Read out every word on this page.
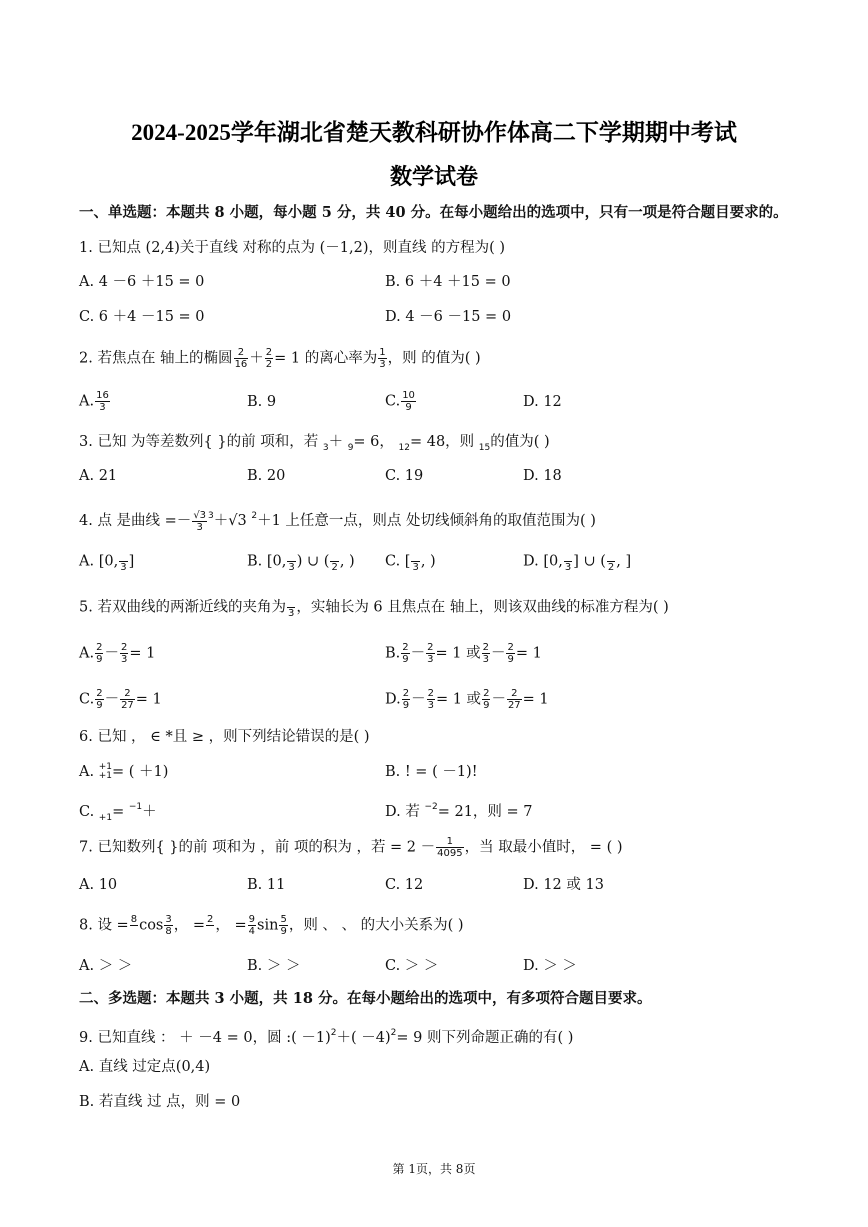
2024-2025学年湖北省楚天教科研协作体高二下学期期中考试
数学试卷
一、单选题：本题共 8 小题，每小题 5 分，共 40 分。在每小题给出的选项中，只有一项是符合题目要求的。
1. 已知点 (2,4)关于直线 对称的点为 (－1,2)，则直线 的方程为( )
A. 4 －6 ＋15 = 0	B. 6 ＋4 ＋15 = 0
C. 6 ＋4 －15 = 0	D. 4 －6 －15 = 0
2. 若焦点在 轴上的椭圆 $\frac{2}{16} + \frac{2}{2} = 1$ 的离心率为 $\frac{1}{3}$ ，则 的值为( )
A. $\frac{16}{3}$	B. 9	C. $\frac{10}{9}$	D. 12
3. 已知 为等差数列{ }的前 项和，若 $_3$＋ $_9$= 6， $_{12}$= 48，则 $_{15}$的值为( )
A. 21	B. 20	C. 19	D. 18
4. 点 是曲线 =－ $\frac{√3}{3} ^3+√3$ $^2$＋1 上任意一点，则点 处切线倾斜角的取值范围为( )
A. [0, 3 ]	B. [0, 3 ) ∪ ( 2 , ) C. [ 3 , )	D. [0, 3 ] ∪ ( 2 , ]
5. 若双曲线的两渐近线的夹角为 3 ，实轴长为 6 且焦点在 轴上，则该双曲线的标准方程为( )
A. $\frac{2}{9} - \frac{2}{3} = 1$	B. $\frac{2}{9} - \frac{2}{3} = 1$ 或 $\frac{2}{3} - \frac{2}{9} = 1$
C. $\frac{2}{9} - \frac{2}{27} = 1$	D. $\frac{2}{9} - \frac{2}{3} = 1$ 或 $\frac{2}{9} - \frac{2}{27} = 1$
6. 已知 ， ∈ *且 ≥ ，则下列结论错误的是( )
A. +1
+1 = ( ＋1)	B. ! = ( －1)!
C. $_{+1}$= $^{-1}$＋	D. 若 $^{-2}$= 21，则 = 7
7. 已知数列{ }的前 项和为 ，前 项的积为 ，若 = $2 - \frac{1}{4095}$ ，当 取最小值时， = ( )
A. 10	B. 11	C. 12	D. 12 或 13
8. 设 = 8 $\cos \frac{3}{8}$ ， = 2 ， = $\frac{9}{4}$ $\sin \frac{5}{9}$ ，则 、 、 的大小关系为( )
A. ＞ ＞	B. ＞ ＞	C. ＞ ＞	D. ＞ ＞
二、多选题：本题共 3 小题，共 18 分。在每小题给出的选项中，有多项符合题目要求。
9. 已知直线 ： ＋ －4 = 0，圆 :( $-1)^2+( -4)^2= 9$ 则下列命题正确的有( )
A. 直线 过定点(0,4)
B. 若直线 过 点，则 = 0
第 1页，共 8页
